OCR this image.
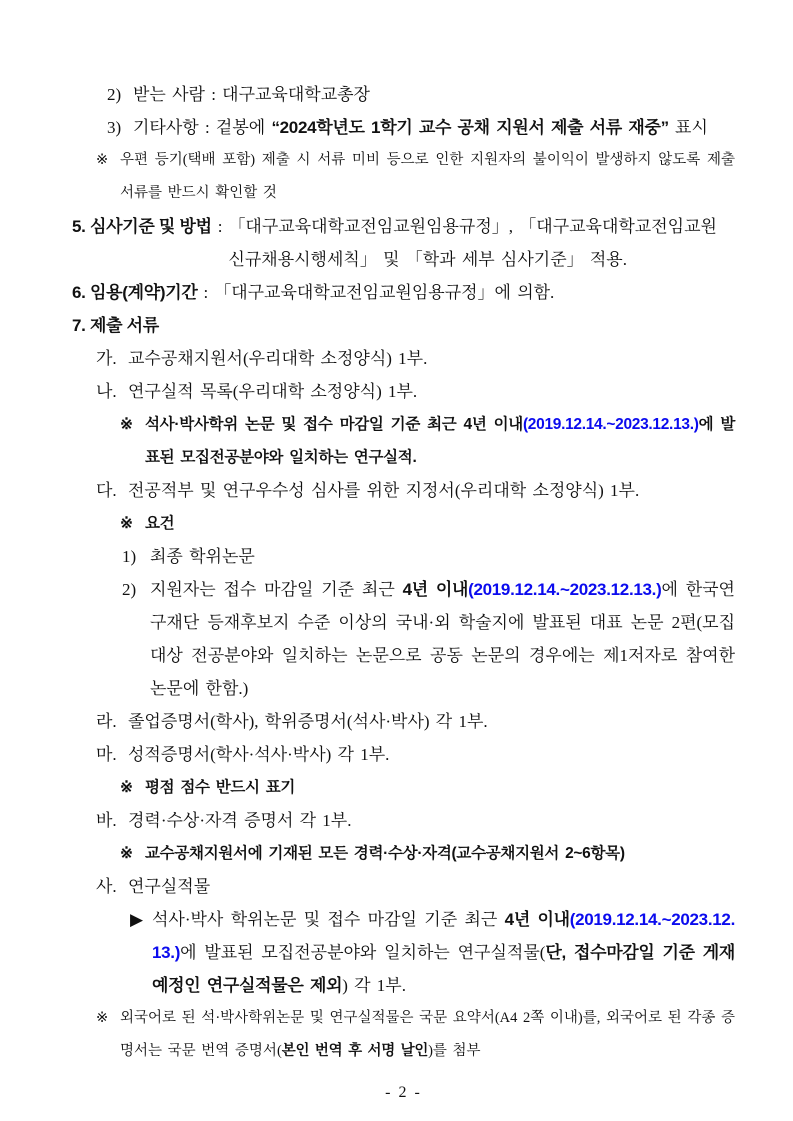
2) 받는 사람 : 대구교육대학교총장
3) 기타사항 : 겉봉에 “2024학년도 1학기 교수 공채 지원서 제출 서류 재중” 표시
※ 우편 등기(택배 포함) 제출 시 서류 미비 등으로 인한 지원자의 불이익이 발생하지 않도록 제출 서류를 반드시 확인할 것
5. 심사기준 및 방법 : 「대구교육대학교전임교원임용규정」, 「대구교육대학교전임교원
신규채용시행세칙」 및 「학과 세부 심사기준」 적용.
6. 임용(계약)기간 : 「대구교육대학교전임교원임용규정」에 의함.
7. 제출 서류
가. 교수공채지원서(우리대학 소정양식) 1부.
나. 연구실적 목록(우리대학 소정양식) 1부.
※ 석사·박사학위 논문 및 접수 마감일 기준 최근 4년 이내(2019.12.14.~2023.12.13.)에 발표된 모집전공분야와 일치하는 연구실적.
다. 전공적부 및 연구우수성 심사를 위한 지정서(우리대학 소정양식) 1부.
※ 요건
1) 최종 학위논문
2) 지원자는 접수 마감일 기준 최근 4년 이내(2019.12.14.~2023.12.13.)에 한국연구재단 등재후보지 수준 이상의 국내·외 학술지에 발표된 대표 논문 2편(모집대상 전공분야와 일치하는 논문으로 공동 논문의 경우에는 제1저자로 참여한 논문에 한함.)
라. 졸업증명서(학사), 학위증명서(석사·박사) 각 1부.
마. 성적증명서(학사·석사·박사) 각 1부.
※ 평점 점수 반드시 표기
바. 경력·수상·자격 증명서 각 1부.
※ 교수공채지원서에 기재된 모든 경력·수상·자격(교수공채지원서 2~6항목)
사. 연구실적물
▶ 석사·박사 학위논문 및 접수 마감일 기준 최근 4년 이내(2019.12.14.~2023.12.13.)에 발표된 모집전공분야와 일치하는 연구실적물(단, 접수마감일 기준 게재 예정인 연구실적물은 제외) 각 1부.
※ 외국어로 된 석·박사학위논문 및 연구실적물은 국문 요약서(A4 2쪽 이내)를, 외국어로 된 각종 증명서는 국문 번역 증명서(본인 번역 후 서명 날인)를 첨부
- 2 -
